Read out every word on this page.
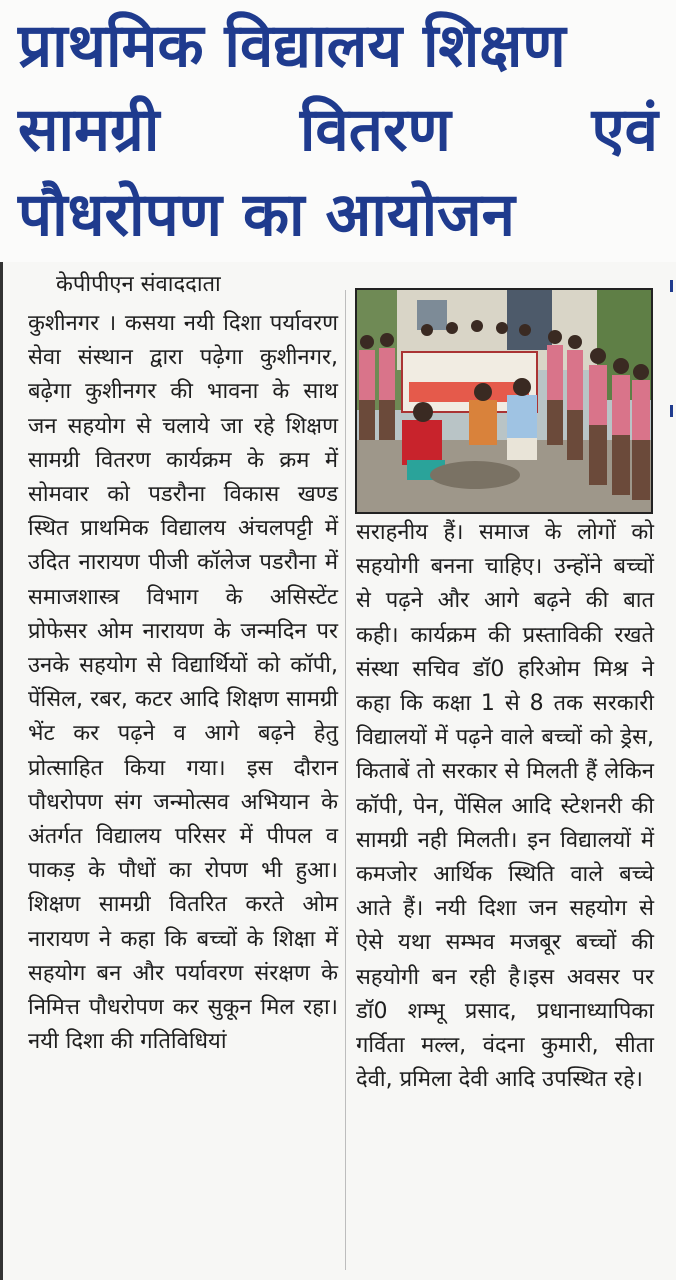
प्राथमिक विद्यालय शिक्षण
सामग्री वितरण एवं
पौधरोपण का आयोजन
केपीपीएन संवाददाता
कुशीनगर । कसया नयी दिशा पर्यावरण सेवा संस्थान द्वारा पढ़ेगा कुशीनगर, बढ़ेगा कुशीनगर की भावना के साथ जन सहयोग से चलाये जा रहे शिक्षण सामग्री वितरण कार्यक्रम के क्रम में सोमवार को पडरौना विकास खण्ड स्थित प्राथमिक विद्यालय अंचलपट्टी में उदित नारायण पीजी कॉलेज पडरौना में समाजशास्त्र विभाग के असिस्टेंट प्रोफेसर ओम नारायण के जन्मदिन पर उनके सहयोग से विद्यार्थियों को कॉपी, पेंसिल, रबर, कटर आदि शिक्षण सामग्री भेंट कर पढ़ने व आगे बढ़ने हेतु प्रोत्साहित किया गया। इस दौरान पौधरोपण संग जन्मोत्सव अभियान के अंतर्गत विद्यालय परिसर में पीपल व पाकड़ के पौधों का रोपण भी हुआ। शिक्षण सामग्री वितरित करते ओम नारायण ने कहा कि बच्चों के शिक्षा में सहयोग बन और पर्यावरण संरक्षण के निमित्त पौधरोपण कर सुकून मिल रहा। नयी दिशा की गतिविधियां
सराहनीय हैं। समाज के लोगों को सहयोगी बनना चाहिए। उन्होंने बच्चों से पढ़ने और आगे बढ़ने की बात कही। कार्यक्रम की प्रस्ताविकी रखते संस्था सचिव डॉ0 हरिओम मिश्र ने कहा कि कक्षा 1 से 8 तक सरकारी विद्यालयों में पढ़ने वाले बच्चों को ड्रेस, किताबें तो सरकार से मिलती हैं लेकिन कॉपी, पेन, पेंसिल आदि स्टेशनरी की सामग्री नही मिलती। इन विद्यालयों में कमजोर आर्थिक स्थिति वाले बच्चे आते हैं। नयी दिशा जन सहयोग से ऐसे यथा सम्भव मजबूर बच्चों की सहयोगी बन रही है।इस अवसर पर डॉ0 शम्भू प्रसाद, प्रधानाध्यापिका गर्विता मल्ल, वंदना कुमारी, सीता देवी, प्रमिला देवी आदि उपस्थित रहे।
